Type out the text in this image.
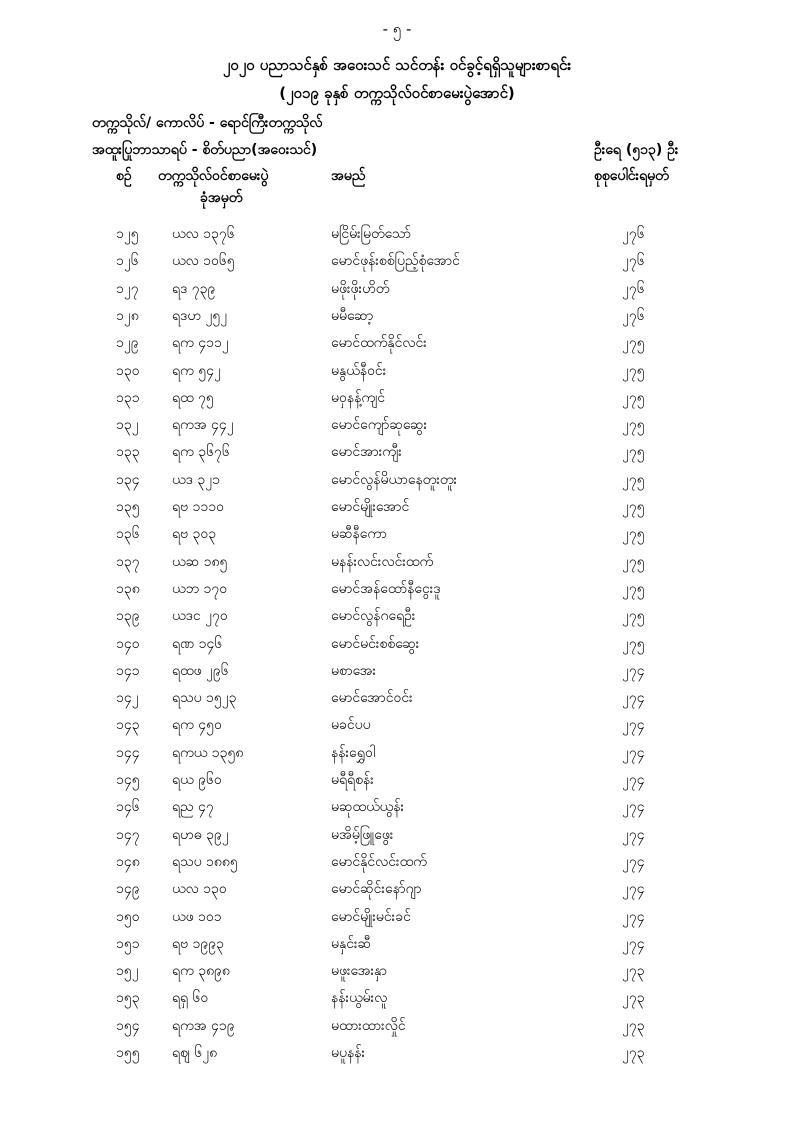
- ၅ -
၂၀၂၀ ပညာသင်နှစ် အဝေးသင် သင်တန်း ဝင်ခွင့်ရရှိသူများစာရင်း
(၂၀၁၉ ခုနှစ် တက္ကသိုလ်ဝင်စာမေးပွဲအောင်)
တက္ကသိုလ်/ ကောလိပ် - ရောင်ကြီးတက္ကသိုလ်
အထူးပြုဘာသာရပ် - စိတ်ပညာ(အဝေးသင်)	ဦးရေ (၅၁၃) ဦး
စဉ် တက္ကသိုလ်ဝင်စာမေးပွဲ
ခုံအမှတ်
အမည်	စုစုပေါင်းရမှတ်
၁၂၅ ယလ ၁၃၇၆	မငြိမ်းမြတ်သော်	၂၇၆
၁၂၆ ယလ ၁၀၆၅	မောင်ဖုန်းစစ်ပြည့်စုံအောင်	၂၇၆
၁၂၇ ရဒ ၇၃၉	မဖိုးဖိုးဟိတ်	၂၇၆
၁၂၈ ရဒဟ ၂၅၂	မမီဆော့	၂၇၆
၁၂၉ ရက ၄၁၁၂	မောင်ထက်နိုင်လင်း	၂၇၅
၁၃၀ ရက ၅၄၂	မနွယ်နီဝင်း	၂၇၅
၁၃၁ ရထ ၇၅	မဝှနန့်ကျင်	၂၇၅
၁၃၂ ရကအ ၄၄၂	မောင်ကျော်ဆုဆွေး	၂၇၅
၁၃၃ ရက ၃၆၇၆	မောင်အားကျီး	၂၇၅
၁၃၄ ယဒ ၃၂၁	မောင်လွန်မိယာနေတူးတူး	၂၇၅
၁၃၅ ရဗ ၁၁၁၀	မောင်မျိုးအောင်	၂၇၅
၁၃၆ ရဗ ၃၀၃	မဆီနီကော	၂၇၅
၁၃၇ ယဆ ၁၈၅	မနန်းလင်းလင်းထက်	၂၇၅
၁၃၈ ယဘ ၁၇၀	မောင်အန်ထော်နီငွေးဒူ	၂၇၅
၁၃၉ ယဒင ၂၇၀	မောင်လွန်ဂရေဦး	၂၇၅
၁၄၀ ရဏ ၁၄၆	မောင်မင်းစစ်ဆွေး	၂၇၅
၁၄၁ ရထဖ ၂၉၆	မစာအေး	၂၇၄
၁၄၂ ရသပ ၁၅၂၃	မောင်အောင်ဝင်း	၂၇၄
၁၄၃ ရက ၄၅၀	မခင်ပပ	၂၇၄
၁၄၄ ရကယ ၁၃၅၈	နန်းရွှေဝါ	၂၇၄
၁၄၅ ရယ ၉၆၀	မရီရီစန်း	၂၇၄
၁၄၆ ရည ၄၇	မဆုထယ်ယွန်း	၂၇၄
၁၄၇ ရဟဓ ၃၉၂	မအိမ့်ဖြူဖွေး	၂၇၄
၁၄၈ ရသပ ၁၈၈၅	မောင်နိုင်လင်းထက်	၂၇၄
၁၄၉ ယလ ၁၃၀	မောင်ဆိုင်းနော်ဂျာ	၂၇၄
၁၅၀ ယဖ ၁၀၁	မောင်မျိုးမင်းခင်	၂၇၄
၁၅၁ ရဗ ၁၉၉၃	မနှင်းဆီ	၂၇၄
၁၅၂ ရက ၃၈၉၈	မဖူးအေးနှာ	၂၇၃
၁၅၃ ရရှ ၆၀	နန်းယွမ်းလူ	၂၇၃
၁၅၄ ရကအ ၄၁၉	မထားထားလှိုင်	၂၇၃
၁၅၅ ရဈ ၆၂၈	မပူနန်း	၂၇၃
